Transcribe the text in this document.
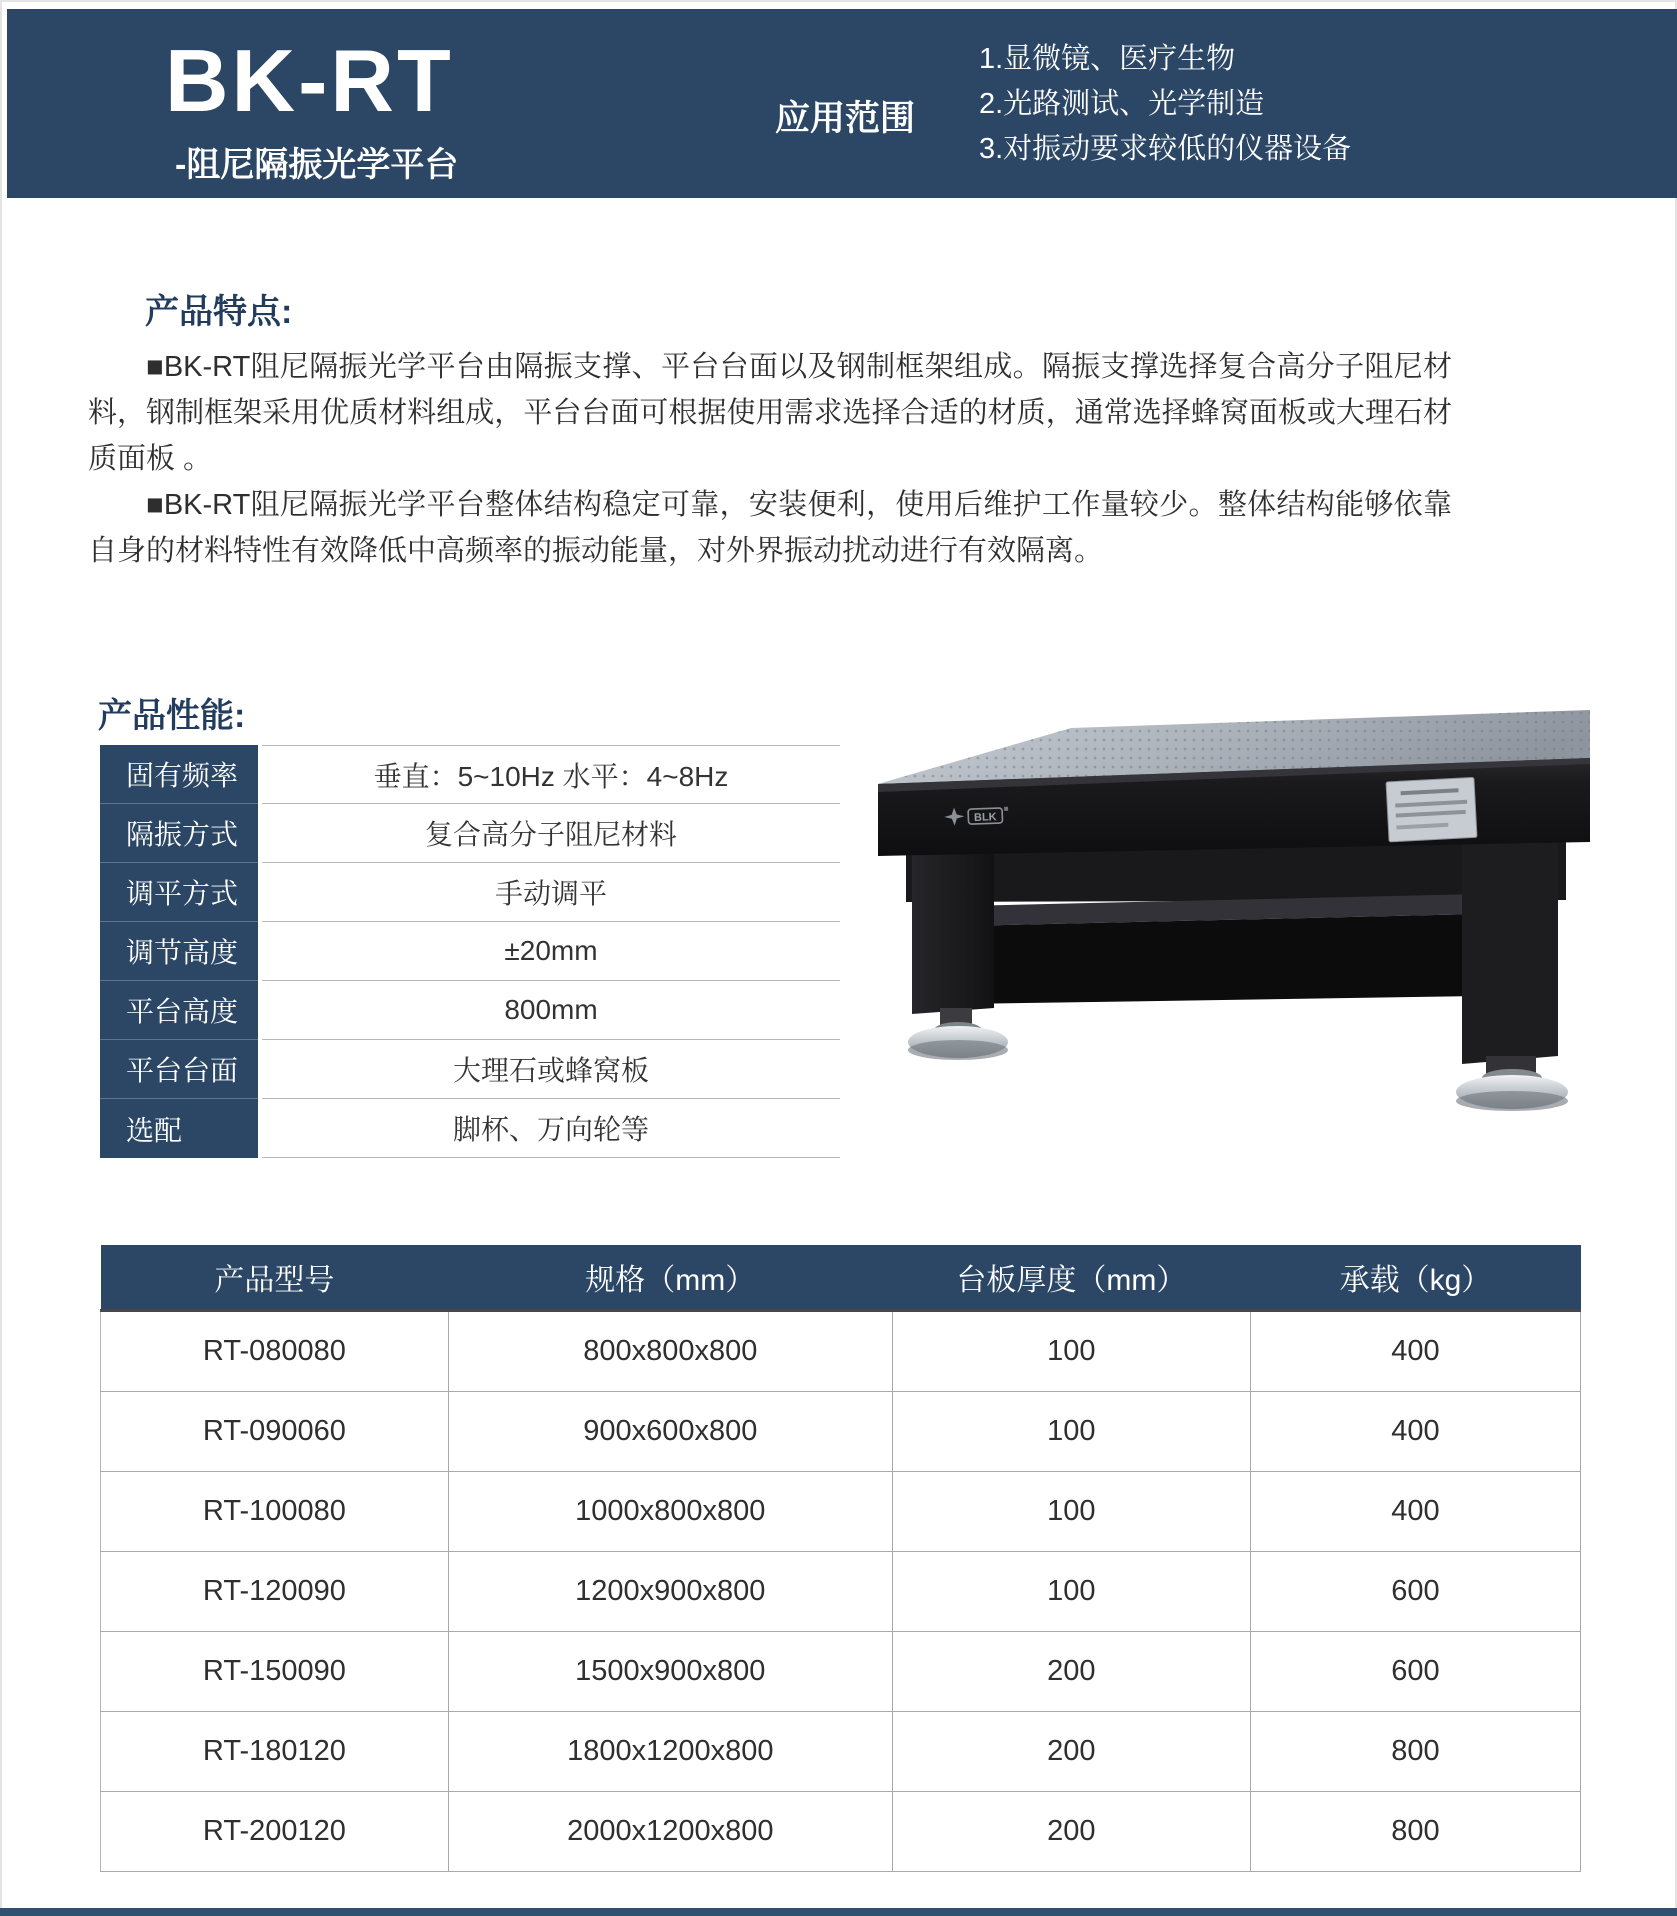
BK-RT
-阻尼隔振光学平台
应用范围
1.显微镜、医疗生物
2.光路测试、光学制造
3.对振动要求较低的仪器设备
产品特点:

■BK-RT阻尼隔振光学平台由隔振支撑、平台台面以及钢制框架组成。隔振支撑选择复合高分子阻尼材料，钢制框架采用优质材料组成，平台台面可根据使用需求选择合适的材质，通常选择蜂窝面板或大理石材质面板 。

■BK-RT阻尼隔振光学平台整体结构稳定可靠，安装便利，使用后维护工作量较少。整体结构能够依靠自身的材料特性有效降低中高频率的振动能量，对外界振动扰动进行有效隔离。

产品性能:
固有频率	垂直：5~10Hz 水平：4~8Hz
隔振方式	复合高分子阻尼材料
调平方式	手动调平
调节高度	±20mm
平台高度	800mm
平台台面	大理石或蜂窝板
选配	脚杯、万向轮等
BLK
产品型号	规格（mm）	台板厚度（mm）	承载（kg）
RT-080080	800x800x800	100	400
RT-090060	900x600x800	100	400
RT-100080	1000x800x800	100	400
RT-120090	1200x900x800	100	600
RT-150090	1500x900x800	200	600
RT-180120	1800x1200x800	200	800
RT-200120	2000x1200x800	200	800
